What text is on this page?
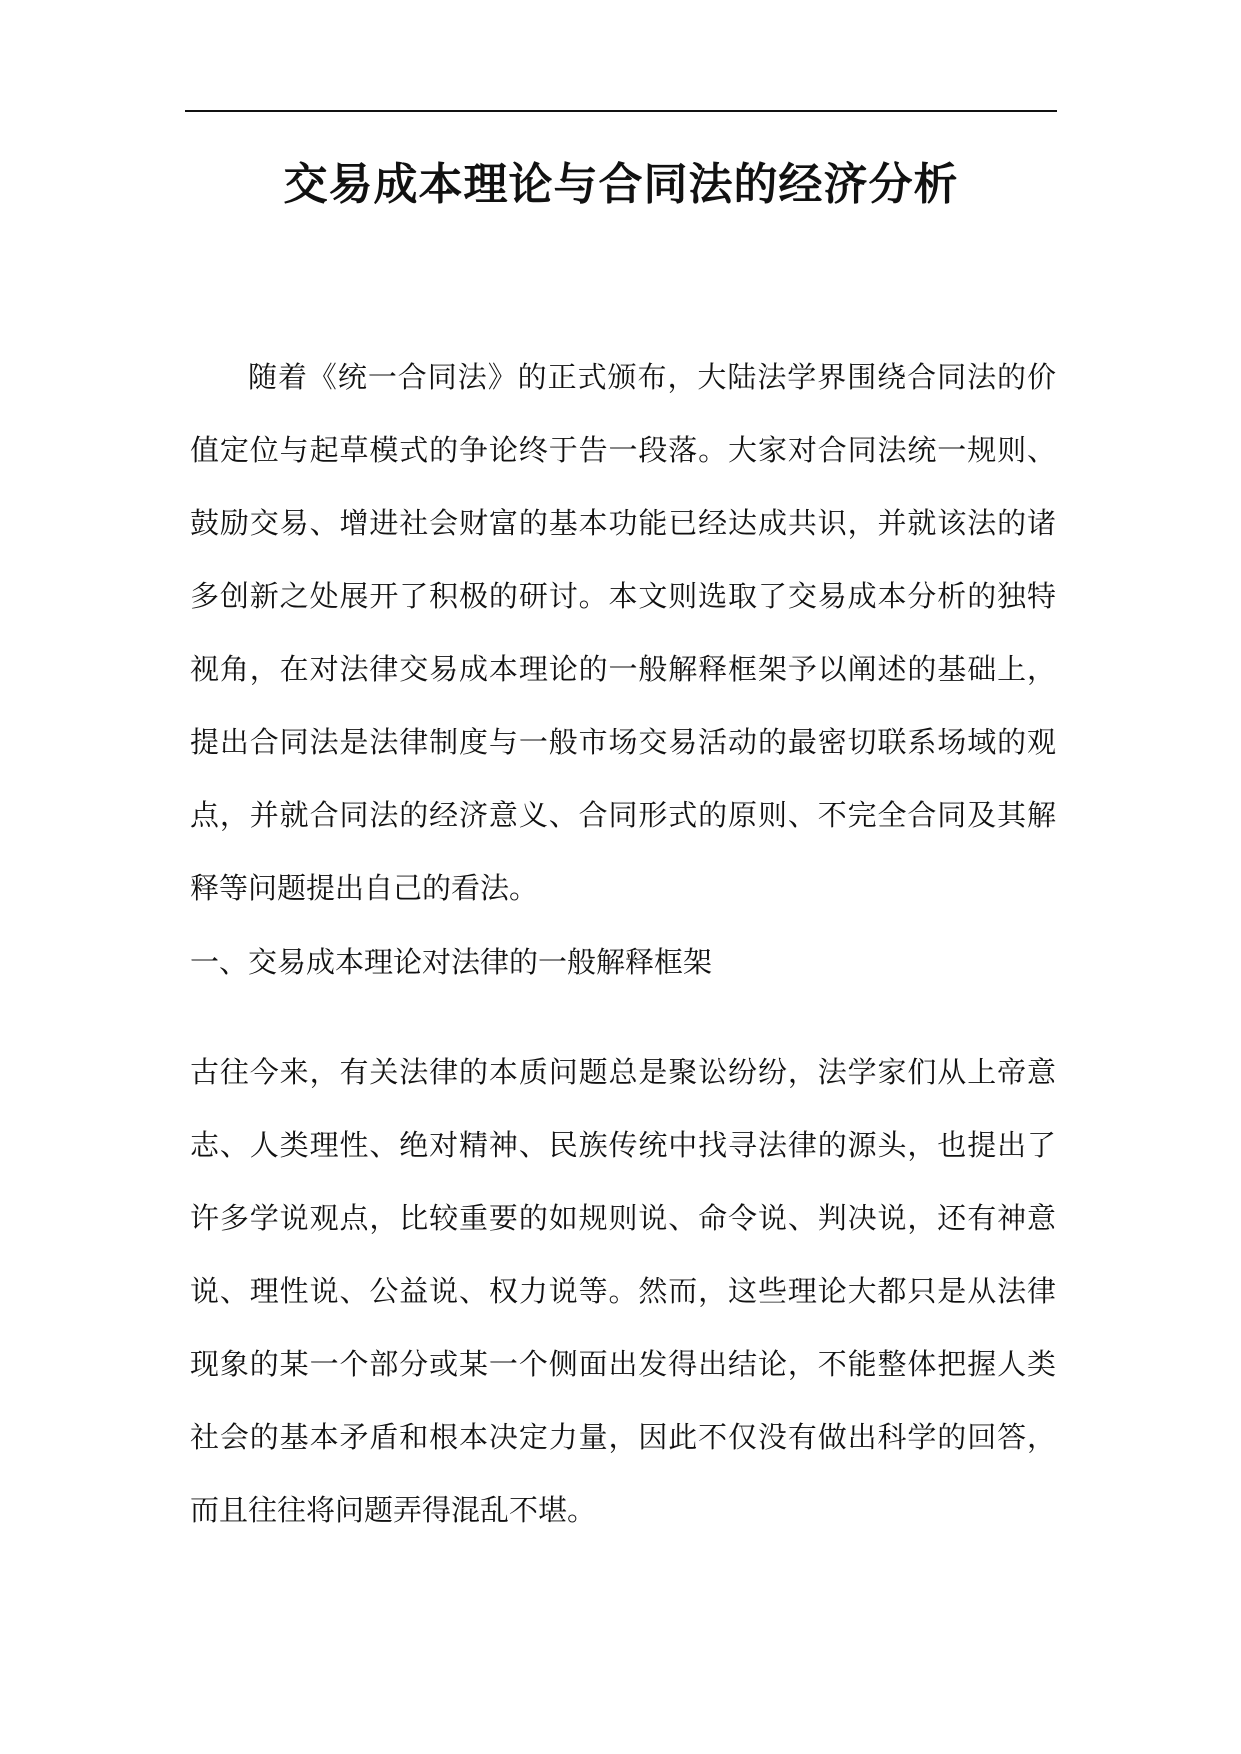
交易成本理论与合同法的经济分析

随着《统一合同法》的正式颁布，大陆法学界围绕合同法的价值定位与起草模式的争论终于告一段落。大家对合同法统一规则、鼓励交易、增进社会财富的基本功能已经达成共识，并就该法的诸多创新之处展开了积极的研讨。本文则选取了交易成本分析的独特视角，在对法律交易成本理论的一般解释框架予以阐述的基础上，提出合同法是法律制度与一般市场交易活动的最密切联系场域的观点，并就合同法的经济意义、合同形式的原则、不完全合同及其解释等问题提出自己的看法。

一、交易成本理论对法律的一般解释框架

古往今来，有关法律的本质问题总是聚讼纷纷，法学家们从上帝意志、人类理性、绝对精神、民族传统中找寻法律的源头，也提出了许多学说观点，比较重要的如规则说、命令说、判决说，还有神意说、理性说、公益说、权力说等。然而，这些理论大都只是从法律现象的某一个部分或某一个侧面出发得出结论，不能整体把握人类社会的基本矛盾和根本决定力量，因此不仅没有做出科学的回答，而且往往将问题弄得混乱不堪。
